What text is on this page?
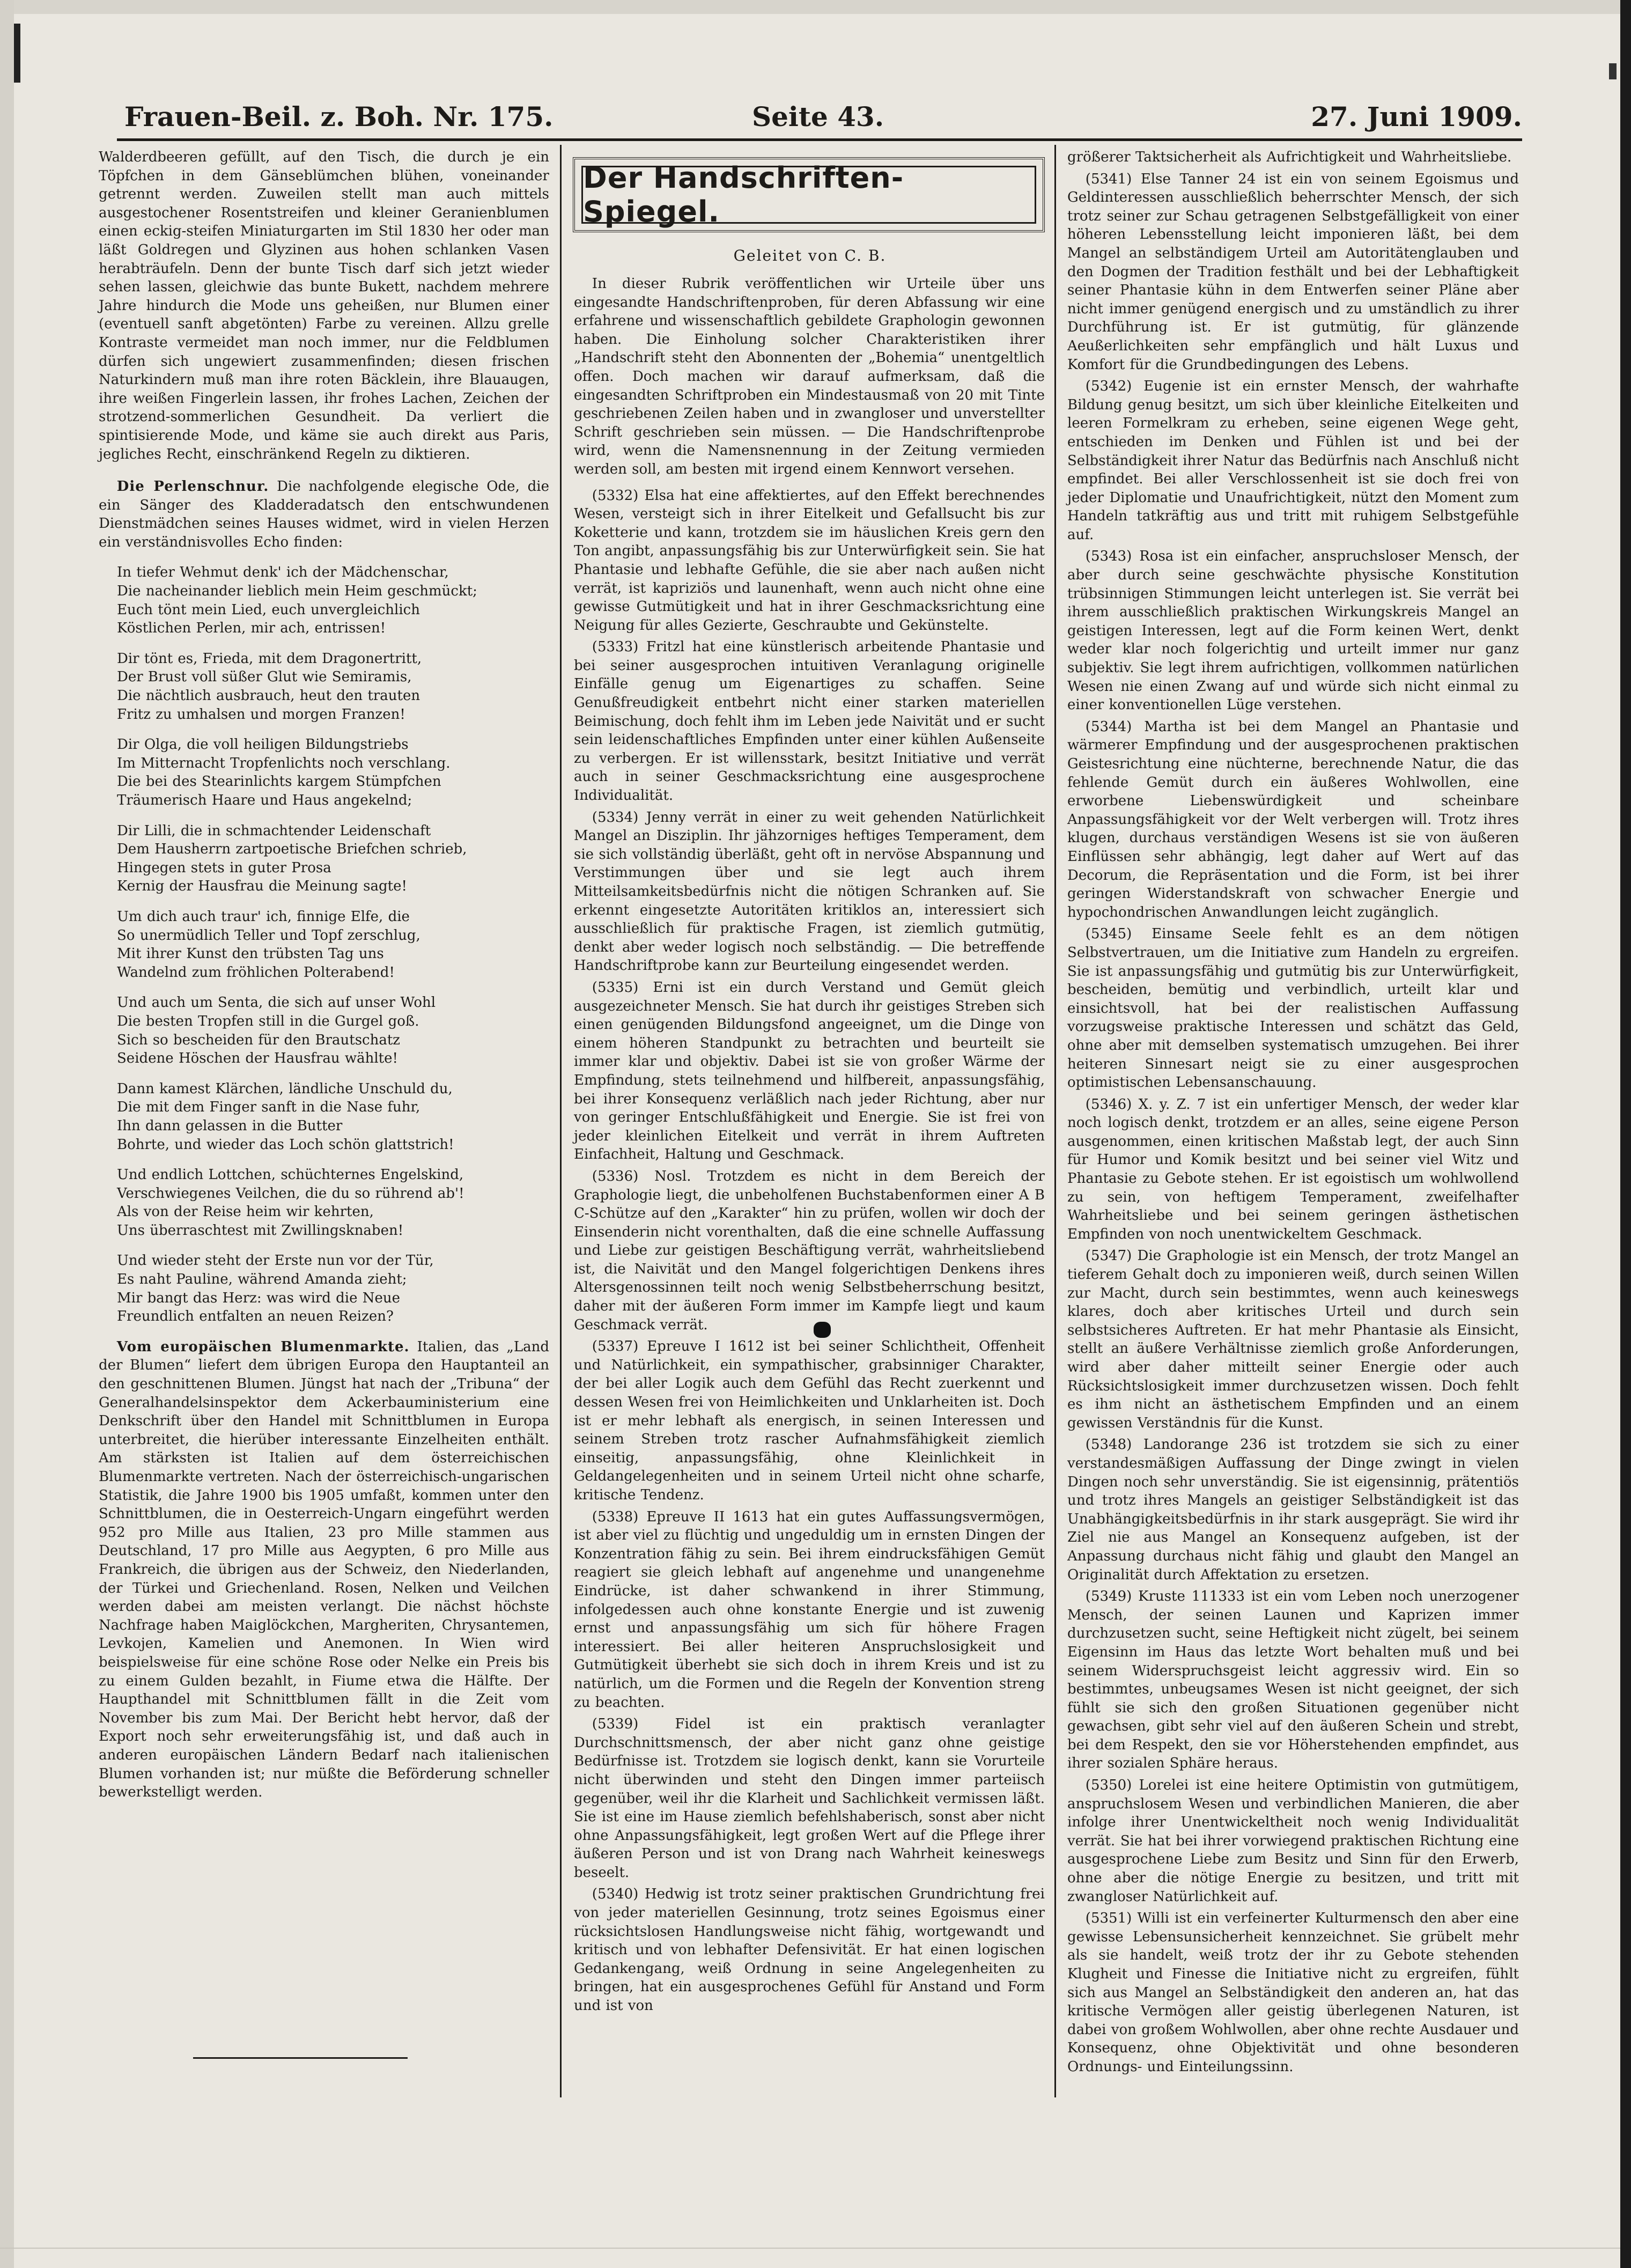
Frauen-Beil. z. Boh. Nr. 175.	Seite 43.	27. Juni 1909.

Walderdbeeren gefüllt, auf den Tisch, die durch je ein Töpfchen in dem Gänseblümchen blühen, voneinander getrennt werden. Zuweilen stellt man auch mittels ausgestochener Rosentstreifen und kleiner Geranienblumen einen eckig-steifen Miniaturgarten im Stil 1830 her oder man läßt Goldregen und Glyzinen aus hohen schlanken Vasen herabträufeln. Denn der bunte Tisch darf sich jetzt wieder sehen lassen, gleichwie das bunte Bukett, nachdem mehrere Jahre hindurch die Mode uns geheißen, nur Blumen einer (eventuell sanft abgetönten) Farbe zu vereinen. Allzu grelle Kontraste vermeidet man noch immer, nur die Feldblumen dürfen sich ungewiert zusammenfinden; diesen frischen Naturkindern muß man ihre roten Bäcklein, ihre Blauaugen, ihre weißen Fingerlein lassen, ihr frohes Lachen, Zeichen der strotzend-sommerlichen Gesundheit. Da verliert die spintisierende Mode, und käme sie auch direkt aus Paris, jegliches Recht, einschränkend Regeln zu diktieren.

Die Perlenschnur. Die nachfolgende elegische Ode, die ein Sänger des Kladderadatsch den entschwundenen Dienstmädchen seines Hauses widmet, wird in vielen Herzen ein verständnisvolles Echo finden:

In tiefer Wehmut denk' ich der Mädchenschar,
Die nacheinander lieblich mein Heim geschmückt;
Euch tönt mein Lied, euch unvergleichlich
Köstlichen Perlen, mir ach, entrissen!

Dir tönt es, Frieda, mit dem Dragonertritt,
Der Brust voll süßer Glut wie Semiramis,
Die nächtlich ausbrauch, heut den trauten
Fritz zu umhalsen und morgen Franzen!

Dir Olga, die voll heiligen Bildungstriebs
Im Mitternacht Tropfenlichts noch verschlang.
Die bei des Stearinlichts kargem Stümpfchen
Träumerisch Haare und Haus angekelnd;

Dir Lilli, die in schmachtender Leidenschaft
Dem Hausherrn zartpoetische Briefchen schrieb,
Hingegen stets in guter Prosa
Kernig der Hausfrau die Meinung sagte!

Um dich auch traur' ich, finnige Elfe, die
So unermüdlich Teller und Topf zerschlug,
Mit ihrer Kunst den trübsten Tag uns
Wandelnd zum fröhlichen Polterabend!

Und auch um Senta, die sich auf unser Wohl
Die besten Tropfen still in die Gurgel goß.
Sich so bescheiden für den Brautschatz
Seidene Höschen der Hausfrau wählte!

Dann kamest Klärchen, ländliche Unschuld du,
Die mit dem Finger sanft in die Nase fuhr,
Ihn dann gelassen in die Butter
Bohrte, und wieder das Loch schön glattstrich!

Und endlich Lottchen, schüchternes Engelskind,
Verschwiegenes Veilchen, die du so rührend ab'!
Als von der Reise heim wir kehrten,
Uns überraschtest mit Zwillingsknaben!

Und wieder steht der Erste nun vor der Tür,
Es naht Pauline, während Amanda zieht;
Mir bangt das Herz: was wird die Neue
Freundlich entfalten an neuen Reizen?

Vom europäischen Blumenmarkte. Italien, das „Land der Blumen“ liefert dem übrigen Europa den Hauptanteil an den geschnittenen Blumen. Jüngst hat nach der „Tribuna“ der Generalhandelsinspektor dem Ackerbauministerium eine Denkschrift über den Handel mit Schnittblumen in Europa unterbreitet, die hierüber interessante Einzelheiten enthält. Am stärksten ist Italien auf dem österreichischen Blumenmarkte vertreten. Nach der österreichisch-ungarischen Statistik, die Jahre 1900 bis 1905 umfaßt, kommen unter den Schnittblumen, die in Oesterreich-Ungarn eingeführt werden 952 pro Mille aus Italien, 23 pro Mille stammen aus Deutschland, 17 pro Mille aus Aegypten, 6 pro Mille aus Frankreich, die übrigen aus der Schweiz, den Niederlanden, der Türkei und Griechenland. Rosen, Nelken und Veilchen werden dabei am meisten verlangt. Die nächst höchste Nachfrage haben Maiglöckchen, Margheriten, Chrysantemen, Levkojen, Kamelien und Anemonen. In Wien wird beispielsweise für eine schöne Rose oder Nelke ein Preis bis zu einem Gulden bezahlt, in Fiume etwa die Hälfte. Der Haupthandel mit Schnittblumen fällt in die Zeit vom November bis zum Mai. Der Bericht hebt hervor, daß der Export noch sehr erweiterungsfähig ist, und daß auch in anderen europäischen Ländern Bedarf nach italienischen Blumen vorhanden ist; nur müßte die Beförderung schneller bewerkstelligt werden.

Der Handschriften-Spiegel.
Geleitet von C. B.

In dieser Rubrik veröffentlichen wir Urteile über uns eingesandte Handschriftenproben, für deren Abfassung wir eine erfahrene und wissenschaftlich gebildete Graphologin gewonnen haben. Die Einholung solcher Charakteristiken ihrer „Handschrift steht den Abonnenten der „Bohemia“ unentgeltlich offen. Doch machen wir darauf aufmerksam, daß die eingesandten Schriftproben ein Mindestausmaß von 20 mit Tinte geschriebenen Zeilen haben und in zwangloser und unverstellter Schrift geschrieben sein müssen. — Die Handschriftenprobe wird, wenn die Namensnennung in der Zeitung vermieden werden soll, am besten mit irgend einem Kennwort versehen.

(5332) Elsa hat eine affektiertes, auf den Effekt berechnendes Wesen, versteigt sich in ihrer Eitelkeit und Gefallsucht bis zur Koketterie und kann, trotzdem sie im häuslichen Kreis gern den Ton angibt, anpassungsfähig bis zur Unterwürfigkeit sein. Sie hat Phantasie und lebhafte Gefühle, die sie aber nach außen nicht verrät, ist kapriziös und launenhaft, wenn auch nicht ohne eine gewisse Gutmütigkeit und hat in ihrer Geschmacksrichtung eine Neigung für alles Gezierte, Geschraubte und Gekünstelte.

(5333) Fritzl hat eine künstlerisch arbeitende Phantasie und bei seiner ausgesprochen intuitiven Veranlagung originelle Einfälle genug um Eigenartiges zu schaffen. Seine Genußfreudigkeit entbehrt nicht einer starken materiellen Beimischung, doch fehlt ihm im Leben jede Naivität und er sucht sein leidenschaftliches Empfinden unter einer kühlen Außenseite zu verbergen. Er ist willensstark, besitzt Initiative und verrät auch in seiner Geschmacksrichtung eine ausgesprochene Individualität.

(5334) Jenny verrät in einer zu weit gehenden Natürlichkeit Mangel an Disziplin. Ihr jähzorniges heftiges Temperament, dem sie sich vollständig überläßt, geht oft in nervöse Abspannung und Verstimmungen über und sie legt auch ihrem Mitteilsamkeitsbedürfnis nicht die nötigen Schranken auf. Sie erkennt eingesetzte Autoritäten kritiklos an, interessiert sich ausschließlich für praktische Fragen, ist ziemlich gutmütig, denkt aber weder logisch noch selbständig. — Die betreffende Handschriftprobe kann zur Beurteilung eingesendet werden.

(5335) Erni ist ein durch Verstand und Gemüt gleich ausgezeichneter Mensch. Sie hat durch ihr geistiges Streben sich einen genügenden Bildungsfond angeeignet, um die Dinge von einem höheren Standpunkt zu betrachten und beurteilt sie immer klar und objektiv. Dabei ist sie von großer Wärme der Empfindung, stets teilnehmend und hilfbereit, anpassungsfähig, bei ihrer Konsequenz verläßlich nach jeder Richtung, aber nur von geringer Entschlußfähigkeit und Energie. Sie ist frei von jeder kleinlichen Eitelkeit und verrät in ihrem Auftreten Einfachheit, Haltung und Geschmack.

(5336) Nosl. Trotzdem es nicht in dem Bereich der Graphologie liegt, die unbeholfenen Buchstabenformen einer A B C-Schütze auf den „Karakter“ hin zu prüfen, wollen wir doch der Einsenderin nicht vorenthalten, daß die eine schnelle Auffassung und Liebe zur geistigen Beschäftigung verrät, wahrheitsliebend ist, die Naivität und den Mangel folgerichtigen Denkens ihres Altersgenossinnen teilt noch wenig Selbstbeherrschung besitzt, daher mit der äußeren Form immer im Kampfe liegt und kaum Geschmack verrät.

(5337) Epreuve I 1612 ist bei seiner Schlichtheit, Offenheit und Natürlichkeit, ein sympathischer, grabsinniger Charakter, der bei aller Logik auch dem Gefühl das Recht zuerkennt und dessen Wesen frei von Heimlichkeiten und Unklarheiten ist. Doch ist er mehr lebhaft als energisch, in seinen Interessen und seinem Streben trotz rascher Aufnahmsfähigkeit ziemlich einseitig, anpassungsfähig, ohne Kleinlichkeit in Geldangelegenheiten und in seinem Urteil nicht ohne scharfe, kritische Tendenz.

(5338) Epreuve II 1613 hat ein gutes Auffassungsvermögen, ist aber viel zu flüchtig und ungeduldig um in ernsten Dingen der Konzentration fähig zu sein. Bei ihrem eindrucksfähigen Gemüt reagiert sie gleich lebhaft auf angenehme und unangenehme Eindrücke, ist daher schwankend in ihrer Stimmung, infolgedessen auch ohne konstante Energie und ist zuwenig ernst und anpassungsfähig um sich für höhere Fragen interessiert. Bei aller heiteren Anspruchslosigkeit und Gutmütigkeit überhebt sie sich doch in ihrem Kreis und ist zu natürlich, um die Formen und die Regeln der Konvention streng zu beachten.

(5339) Fidel ist ein praktisch veranlagter Durchschnittsmensch, der aber nicht ganz ohne geistige Bedürfnisse ist. Trotzdem sie logisch denkt, kann sie Vorurteile nicht überwinden und steht den Dingen immer parteiisch gegenüber, weil ihr die Klarheit und Sachlichkeit vermissen läßt. Sie ist eine im Hause ziemlich befehlshaberisch, sonst aber nicht ohne Anpassungsfähigkeit, legt großen Wert auf die Pflege ihrer äußeren Person und ist von Drang nach Wahrheit keineswegs beseelt.

(5340) Hedwig ist trotz seiner praktischen Grundrichtung frei von jeder materiellen Gesinnung, trotz seines Egoismus einer rücksichtslosen Handlungsweise nicht fähig, wortgewandt und kritisch und von lebhafter Defensivität. Er hat einen logischen Gedankengang, weiß Ordnung in seine Angelegenheiten zu bringen, hat ein ausgesprochenes Gefühl für Anstand und Form und ist von

größerer Taktsicherheit als Aufrichtigkeit und Wahrheitsliebe.

(5341) Else Tanner 24 ist ein von seinem Egoismus und Geldinteressen ausschließlich beherrschter Mensch, der sich trotz seiner zur Schau getragenen Selbstgefälligkeit von einer höheren Lebensstellung leicht imponieren läßt, bei dem Mangel an selbständigem Urteil am Autoritätenglauben und den Dogmen der Tradition festhält und bei der Lebhaftigkeit seiner Phantasie kühn in dem Entwerfen seiner Pläne aber nicht immer genügend energisch und zu umständlich zu ihrer Durchführung ist. Er ist gutmütig, für glänzende Aeußerlichkeiten sehr empfänglich und hält Luxus und Komfort für die Grundbedingungen des Lebens.

(5342) Eugenie ist ein ernster Mensch, der wahrhafte Bildung genug besitzt, um sich über kleinliche Eitelkeiten und leeren Formelkram zu erheben, seine eigenen Wege geht, entschieden im Denken und Fühlen ist und bei der Selbständigkeit ihrer Natur das Bedürfnis nach Anschluß nicht empfindet. Bei aller Verschlossenheit ist sie doch frei von jeder Diplomatie und Unaufrichtigkeit, nützt den Moment zum Handeln tatkräftig aus und tritt mit ruhigem Selbstgefühle auf.

(5343) Rosa ist ein einfacher, anspruchsloser Mensch, der aber durch seine geschwächte physische Konstitution trübsinnigen Stimmungen leicht unterlegen ist. Sie verrät bei ihrem ausschließlich praktischen Wirkungskreis Mangel an geistigen Interessen, legt auf die Form keinen Wert, denkt weder klar noch folgerichtig und urteilt immer nur ganz subjektiv. Sie legt ihrem aufrichtigen, vollkommen natürlichen Wesen nie einen Zwang auf und würde sich nicht einmal zu einer konventionellen Lüge verstehen.

(5344) Martha ist bei dem Mangel an Phantasie und wärmerer Empfindung und der ausgesprochenen praktischen Geistesrichtung eine nüchterne, berechnende Natur, die das fehlende Gemüt durch ein äußeres Wohlwollen, eine erworbene Liebenswürdigkeit und scheinbare Anpassungsfähigkeit vor der Welt verbergen will. Trotz ihres klugen, durchaus verständigen Wesens ist sie von äußeren Einflüssen sehr abhängig, legt daher auf Wert auf das Decorum, die Repräsentation und die Form, ist bei ihrer geringen Widerstandskraft von schwacher Energie und hypochondrischen Anwandlungen leicht zugänglich.

(5345) Einsame Seele fehlt es an dem nötigen Selbstvertrauen, um die Initiative zum Handeln zu ergreifen. Sie ist anpassungsfähig und gutmütig bis zur Unterwürfigkeit, bescheiden, bemütig und verbindlich, urteilt klar und einsichtsvoll, hat bei der realistischen Auffassung vorzugsweise praktische Interessen und schätzt das Geld, ohne aber mit demselben systematisch umzugehen. Bei ihrer heiteren Sinnesart neigt sie zu einer ausgesprochen optimistischen Lebensanschauung.

(5346) X. y. Z. 7 ist ein unfertiger Mensch, der weder klar noch logisch denkt, trotzdem er an alles, seine eigene Person ausgenommen, einen kritischen Maßstab legt, der auch Sinn für Humor und Komik besitzt und bei seiner viel Witz und Phantasie zu Gebote stehen. Er ist egoistisch um wohlwollend zu sein, von heftigem Temperament, zweifelhafter Wahrheitsliebe und bei seinem geringen ästhetischen Empfinden von noch unentwickeltem Geschmack.

(5347) Die Graphologie ist ein Mensch, der trotz Mangel an tieferem Gehalt doch zu imponieren weiß, durch seinen Willen zur Macht, durch sein bestimmtes, wenn auch keineswegs klares, doch aber kritisches Urteil und durch sein selbstsicheres Auftreten. Er hat mehr Phantasie als Einsicht, stellt an äußere Verhältnisse ziemlich große Anforderungen, wird aber daher mitteilt seiner Energie oder auch Rücksichtslosigkeit immer durchzusetzen wissen. Doch fehlt es ihm nicht an ästhetischem Empfinden und an einem gewissen Verständnis für die Kunst.

(5348) Landorange 236 ist trotzdem sie sich zu einer verstandesmäßigen Auffassung der Dinge zwingt in vielen Dingen noch sehr unverständig. Sie ist eigensinnig, prätentiös und trotz ihres Mangels an geistiger Selbständigkeit ist das Unabhängigkeitsbedürfnis in ihr stark ausgeprägt. Sie wird ihr Ziel nie aus Mangel an Konsequenz aufgeben, ist der Anpassung durchaus nicht fähig und glaubt den Mangel an Originalität durch Affektation zu ersetzen.

(5349) Kruste 111333 ist ein vom Leben noch unerzogener Mensch, der seinen Launen und Kaprizen immer durchzusetzen sucht, seine Heftigkeit nicht zügelt, bei seinem Eigensinn im Haus das letzte Wort behalten muß und bei seinem Widerspruchsgeist leicht aggressiv wird. Ein so bestimmtes, unbeugsames Wesen ist nicht geeignet, der sich fühlt sie sich den großen Situationen gegenüber nicht gewachsen, gibt sehr viel auf den äußeren Schein und strebt, bei dem Respekt, den sie vor Höherstehenden empfindet, aus ihrer sozialen Sphäre heraus.

(5350) Lorelei ist eine heitere Optimistin von gutmütigem, anspruchslosem Wesen und verbindlichen Manieren, die aber infolge ihrer Unentwickeltheit noch wenig Individualität verrät. Sie hat bei ihrer vorwiegend praktischen Richtung eine ausgesprochene Liebe zum Besitz und Sinn für den Erwerb, ohne aber die nötige Energie zu besitzen, und tritt mit zwangloser Natürlichkeit auf.

(5351) Willi ist ein verfeinerter Kulturmensch den aber eine gewisse Lebensunsicherheit kennzeichnet. Sie grübelt mehr als sie handelt, weiß trotz der ihr zu Gebote stehenden Klugheit und Finesse die Initiative nicht zu ergreifen, fühlt sich aus Mangel an Selbständigkeit den anderen an, hat das kritische Vermögen aller geistig überlegenen Naturen, ist dabei von großem Wohlwollen, aber ohne rechte Ausdauer und Konsequenz, ohne Objektivität und ohne besonderen Ordnungs- und Einteilungssinn.
